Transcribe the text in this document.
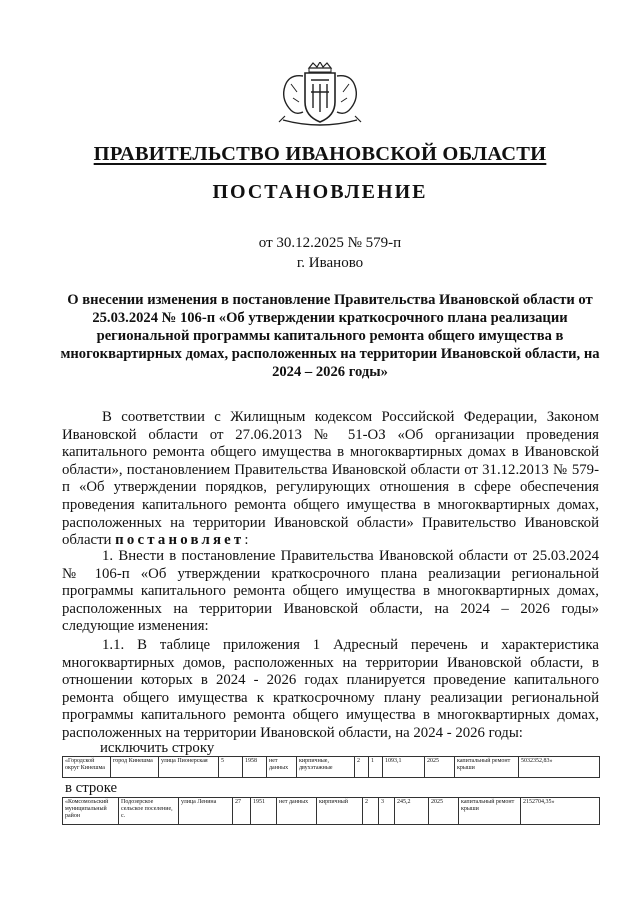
ПРАВИТЕЛЬСТВО ИВАНОВСКОЙ ОБЛАСТИ
ПОСТАНОВЛЕНИЕ
от 30.12.2025 № 579-п
г. Иваново
О внесении изменения в постановление Правительства Ивановской области от 25.03.2024 № 106-п «Об утверждении краткосрочного плана реализации региональной программы капитального ремонта общего имущества в многоквартирных домах, расположенных на территории Ивановской области, на 2024 – 2026 годы»
В соответствии с Жилищным кодексом Российской Федерации, Законом Ивановской области от 27.06.2013 № 51-ОЗ «Об организации проведения капитального ремонта общего имущества в многоквартирных домах в Ивановской области», постановлением Правительства Ивановской области от 31.12.2013 № 579-п «Об утверждении порядков, регулирующих отношения в сфере обеспечения проведения капитального ремонта общего имущества в многоквартирных домах, расположенных на территории Ивановской области» Правительство Ивановской области постановляет:
1. Внести в постановление Правительства Ивановской области от 25.03.2024 № 106-п «Об утверждении краткосрочного плана реализации региональной программы капитального ремонта общего имущества в многоквартирных домах, расположенных на территории Ивановской области, на 2024 – 2026 годы» следующие изменения:
1.1. В таблице приложения 1 Адресный перечень и характеристика многоквартирных домов, расположенных на территории Ивановской области, в отношении которых в 2024 - 2026 годах планируется проведение капитального ремонта общего имущества к краткосрочному плану реализации региональной программы капитального ремонта общего имущества в многоквартирных домах, расположенных на территории Ивановской области, на 2024 - 2026 годы:
исключить строку
«Городской округ Кинешма	город Кинешма	улица Пионерская	5	1958	нет данных	кирпичные, двухэтажные	2	1	1093,1	2025	капитальный ремонт крыши	5032352,83»
в строке
«Комсомольский муниципальный район	Подозерское сельское поселение, с.	улица Ленина	27	1951	нет данных	кирпичный	2	3	245,2	2025	капитальный ремонт крыши	2152704,35»
